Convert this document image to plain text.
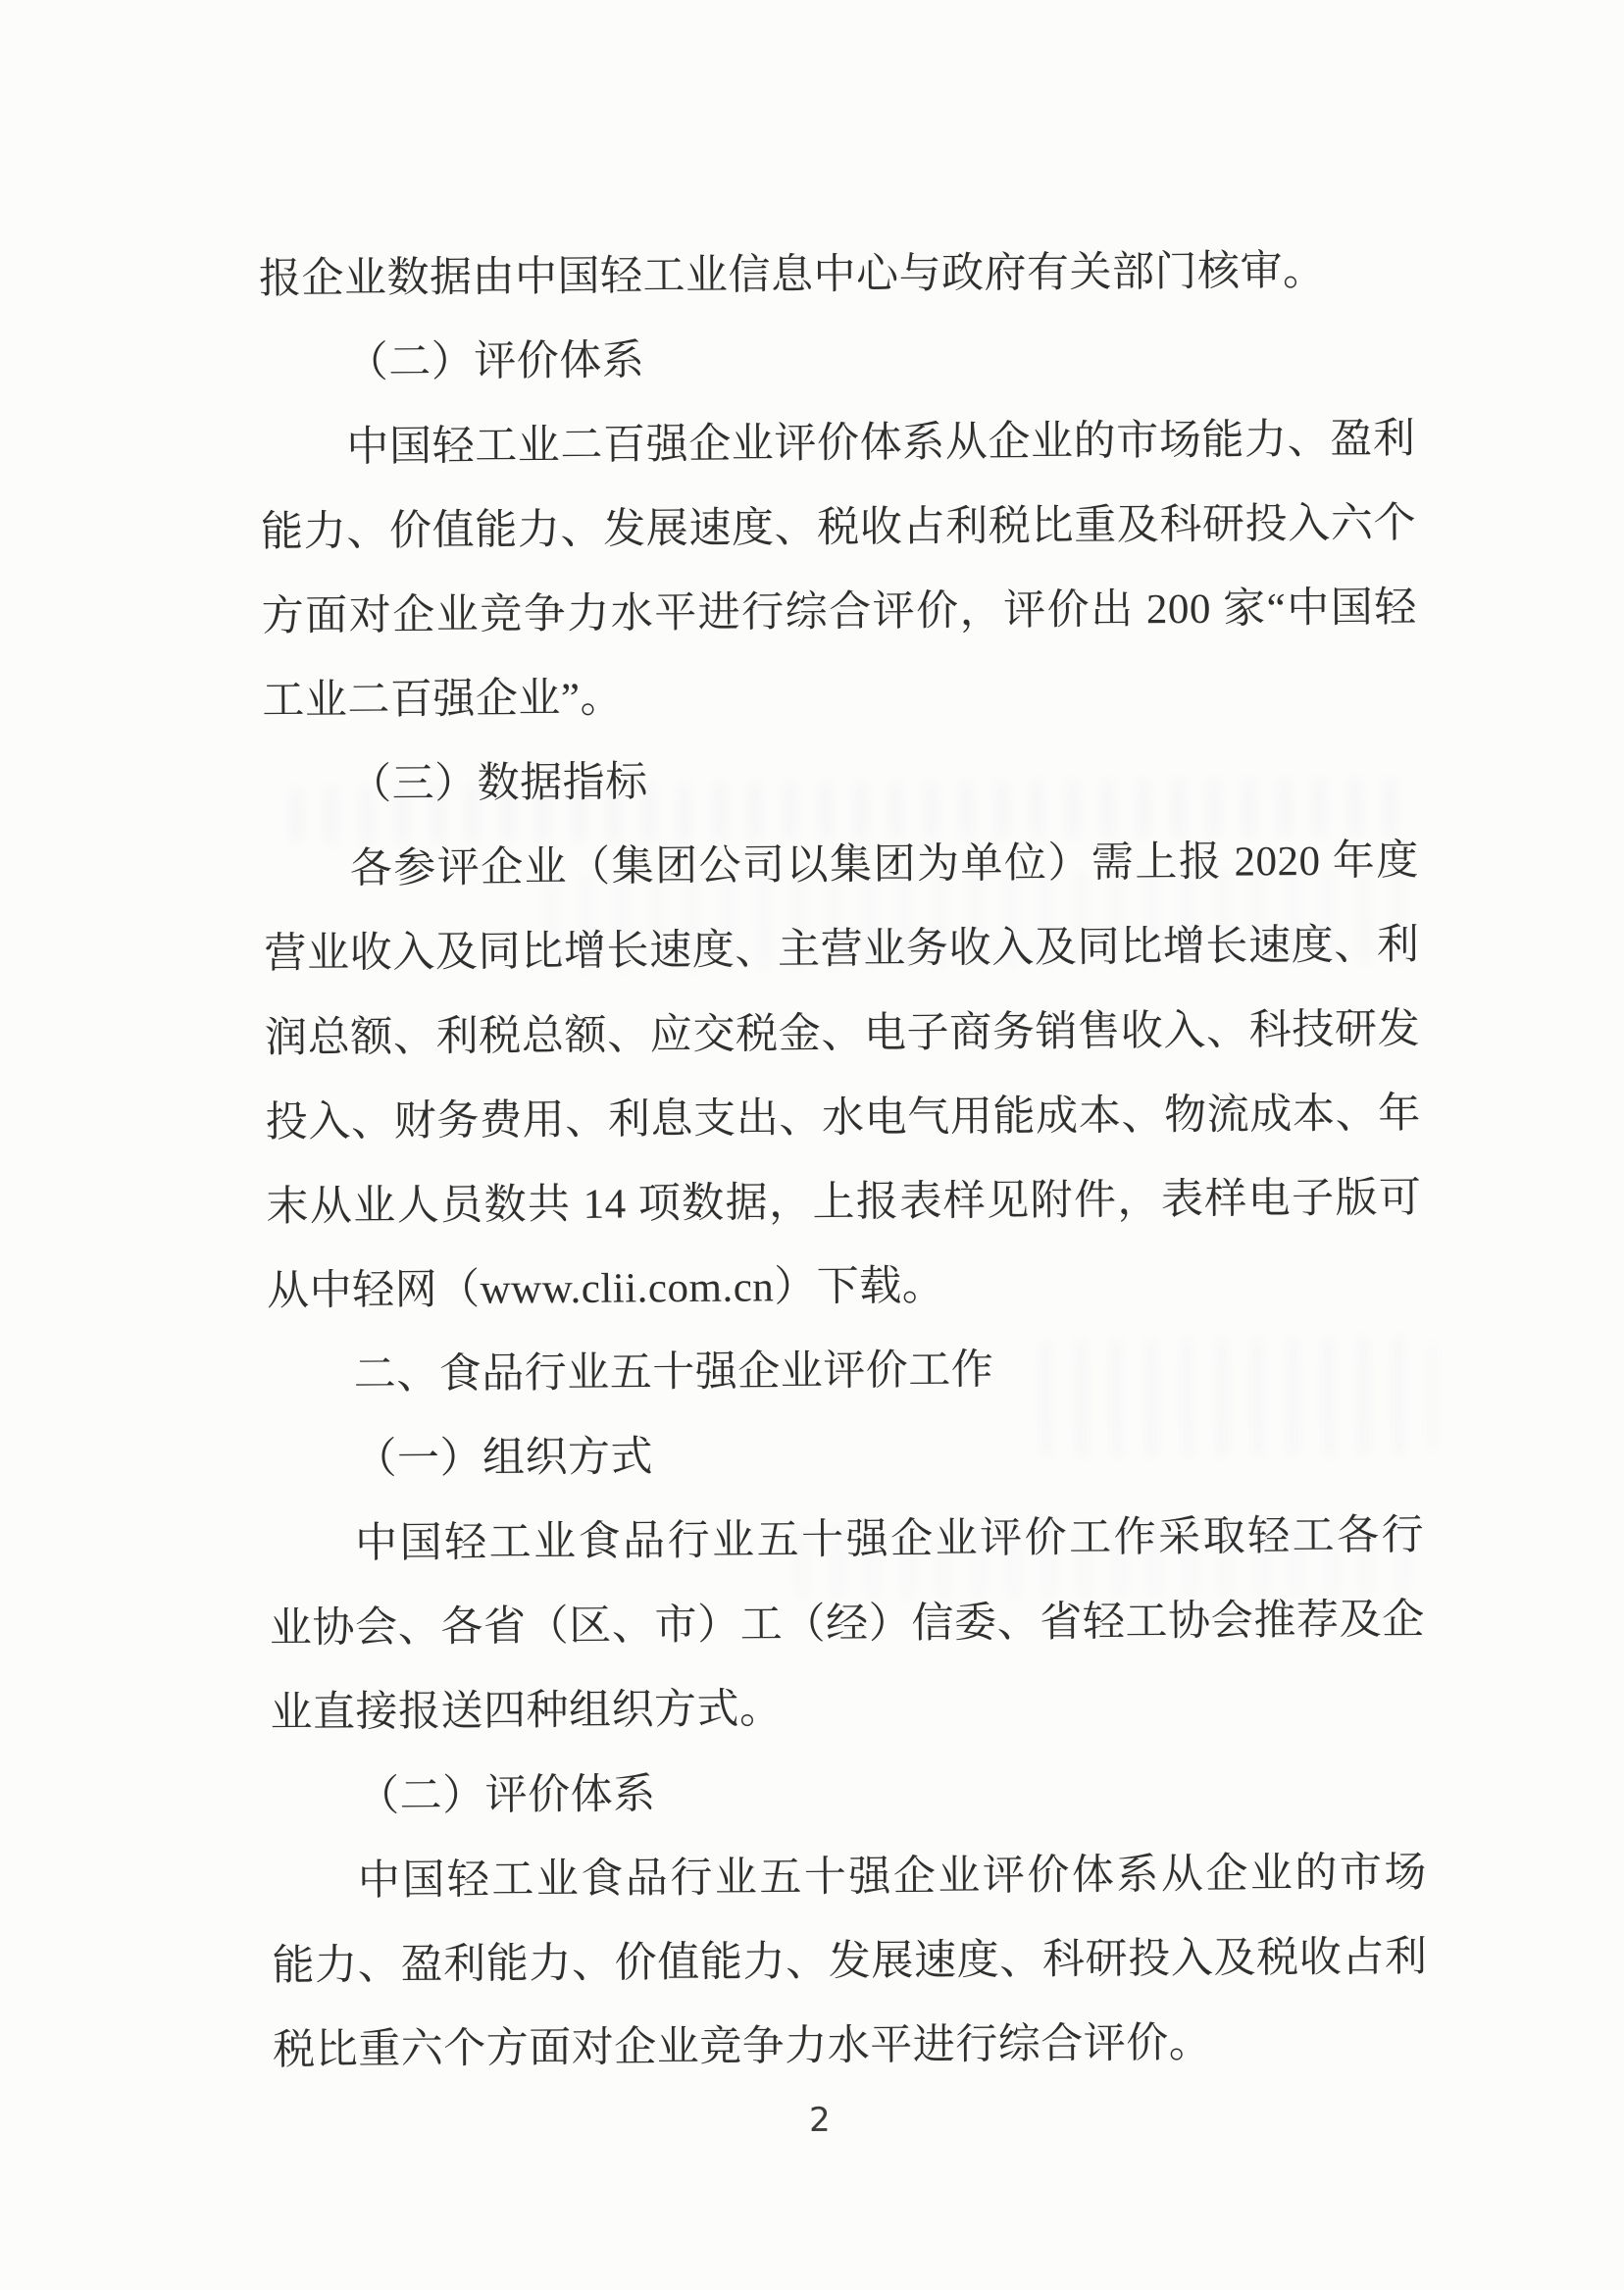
报企业数据由中国轻工业信息中心与政府有关部门核审。
（二）评价体系
中国轻工业二百强企业评价体系从企业的市场能力、盈利
能力、价值能力、发展速度、税收占利税比重及科研投入六个
方面对企业竞争力水平进行综合评价，评价出 200 家“中国轻
工业二百强企业”。
（三）数据指标
各参评企业（集团公司以集团为单位）需上报 2020 年度
营业收入及同比增长速度、主营业务收入及同比增长速度、利
润总额、利税总额、应交税金、电子商务销售收入、科技研发
投入、财务费用、利息支出、水电气用能成本、物流成本、年
末从业人员数共 14 项数据，上报表样见附件，表样电子版可
从中轻网（www.clii.com.cn）下载。
二、食品行业五十强企业评价工作
（一）组织方式
中国轻工业食品行业五十强企业评价工作采取轻工各行
业协会、各省（区、市）工（经）信委、省轻工协会推荐及企
业直接报送四种组织方式。
（二）评价体系
中国轻工业食品行业五十强企业评价体系从企业的市场
能力、盈利能力、价值能力、发展速度、科研投入及税收占利
税比重六个方面对企业竞争力水平进行综合评价。
2
